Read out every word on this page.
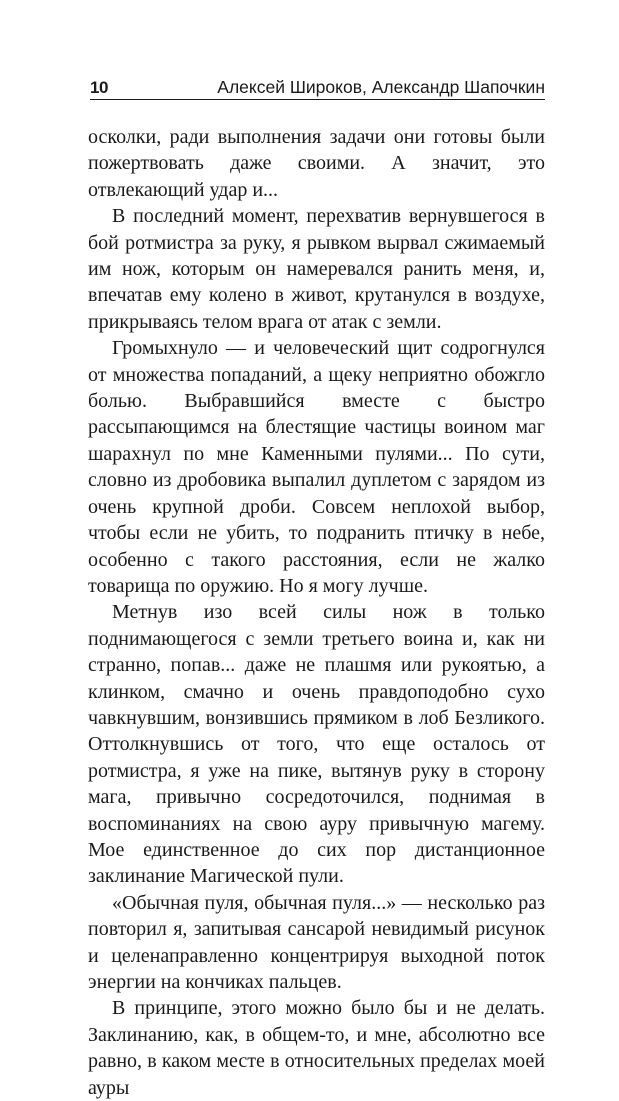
10	Алексей Широков, Александр Шапочкин

осколки, ради выполнения задачи они готовы были пожертвовать даже своими. А значит, это отвлекающий удар и...

В последний момент, перехватив вернувшегося в бой ротмистра за руку, я рывком вырвал сжимаемый им нож, которым он намеревался ранить меня, и, впечатав ему колено в живот, крутанулся в воздухе, прикрываясь телом врага от атак с земли.

Громыхнуло — и человеческий щит содрогнулся от множества попаданий, а щеку неприятно обожгло болью. Выбравшийся вместе с быстро рассыпающимся на блестящие частицы воином маг шарахнул по мне Каменными пулями... По сути, словно из дробовика выпалил дуплетом с зарядом из очень крупной дроби. Совсем неплохой выбор, чтобы если не убить, то подранить птичку в небе, особенно с такого расстояния, если не жалко товарища по оружию. Но я могу лучше.

Метнув изо всей силы нож в только поднимающегося с земли третьего воина и, как ни странно, попав... даже не плашмя или рукоятью, а клинком, смачно и очень правдоподобно сухо чавкнувшим, вонзившись прямиком в лоб Безликого. Оттолкнувшись от того, что еще осталось от ротмистра, я уже на пике, вытянув руку в сторону мага, привычно сосредоточился, поднимая в воспоминаниях на свою ауру привычную магему. Мое единственное до сих пор дистанционное заклинание Магической пули.

«Обычная пуля, обычная пуля...» — несколько раз повторил я, запитывая сансарой невидимый рисунок и целенаправленно концентрируя выходной поток энергии на кончиках пальцев.

В принципе, этого можно было бы и не делать. Заклинанию, как, в общем-то, и мне, абсолютно все равно, в каком месте в относительных пределах моей ауры
